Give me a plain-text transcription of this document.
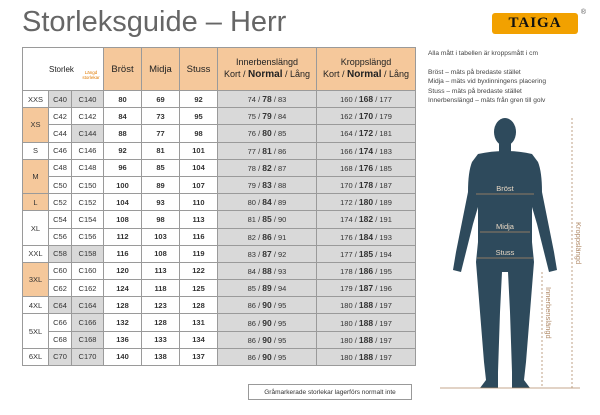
Storleksguide – Herr	TAIGA
®
Storlek Längd storlekar			Bröst	Midja	Stuss	Innerbenslängd
Kort / Normal / Lång	Kroppslängd
Kort / Normal / Lång
XXS	C40	C140	80	69	92	74 / 78 / 83	160 / 168 / 177
XS	C42	C142	84	73	95	75 / 79 / 84	162 / 170 / 179
	C44	C144	88	77	98	76 / 80 / 85	164 / 172 / 181
S	C46	C146	92	81	101	77 / 81 / 86	166 / 174 / 183
M	C48	C148	96	85	104	78 / 82 / 87	168 / 176 / 185
	C50	C150	100	89	107	79 / 83 / 88	170 / 178 / 187
L	C52	C152	104	93	110	80 / 84 / 89	172 / 180 / 189
XL	C54	C154	108	98	113	81 / 85 / 90	174 / 182 / 191
	C56	C156	112	103	116	82 / 86 / 91	176 / 184 / 193
XXL	C58	C158	116	108	119	83 / 87 / 92	177 / 185 / 194
3XL	C60	C160	120	113	122	84 / 88 / 93	178 / 186 / 195
	C62	C162	124	118	125	85 / 89 / 94	179 / 187 / 196
4XL	C64	C164	128	123	128	86 / 90 / 95	180 / 188 / 197
5XL	C66	C166	132	128	131	86 / 90 / 95	180 / 188 / 197
	C68	C168	136	133	134	86 / 90 / 95	180 / 188 / 197
6XL	C70	C170	140	138	137	86 / 90 / 95	180 / 188 / 197
Gråmarkerade storlekar lagerförs normalt inte
Alla mått i tabellen är kroppsmått i cm
Bröst – mäts på bredaste stället
Midja – mäts vid byxlinningens placering
Stuss – mäts på bredaste stället
Innerbenslängd – mäts från gren till golv
Bröst
Midja
Stuss	Kroppslängd
Innerbenslängd
